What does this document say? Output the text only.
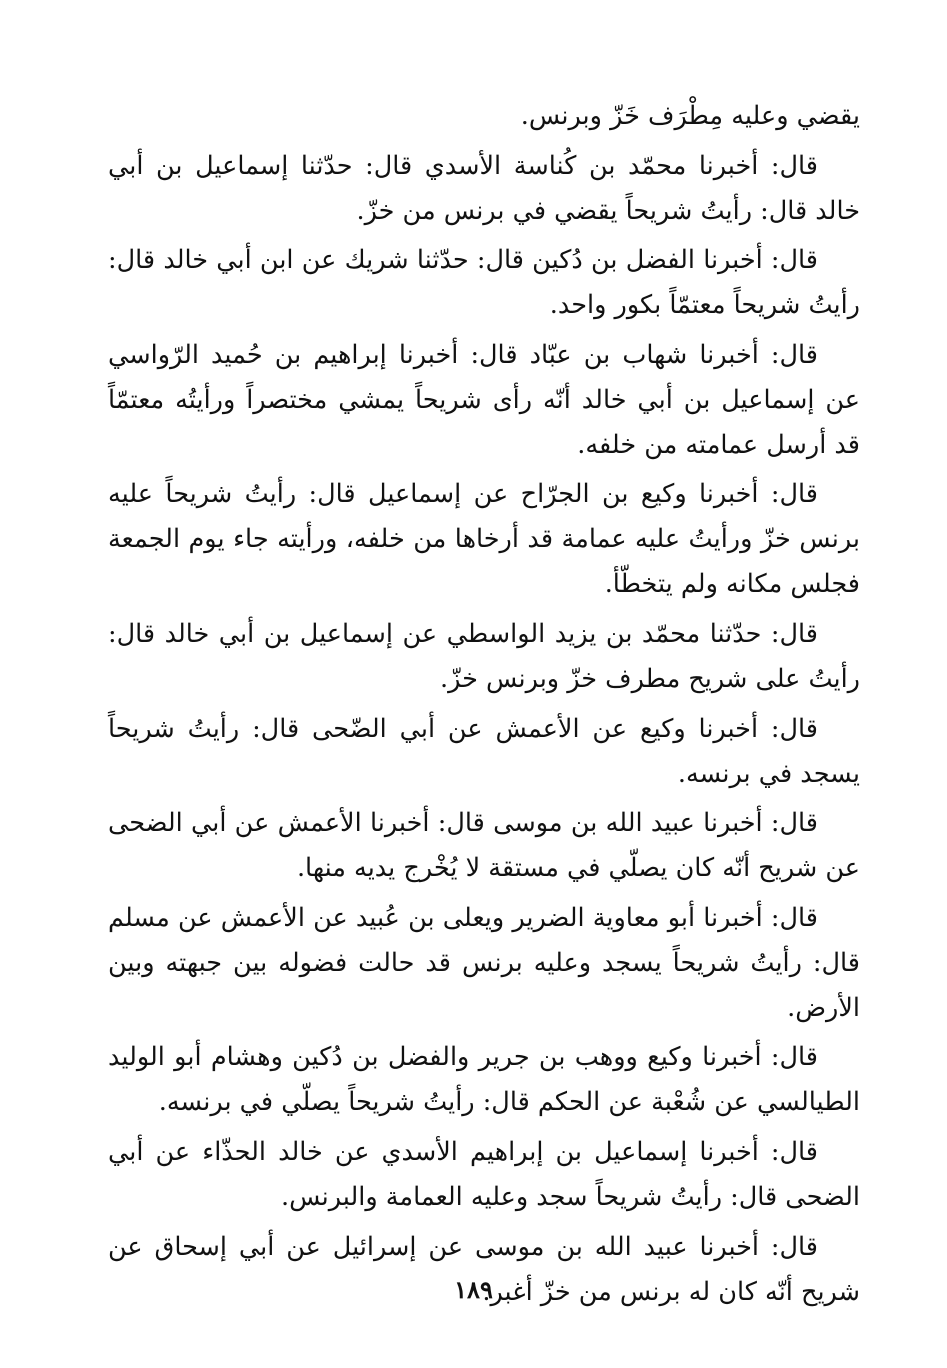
يقضي وعليه مِطْرَف خَزّ وبرنس.

قال: أخبرنا محمّد بن كُناسة الأسدي قال: حدّثنا إسماعيل بن أبي خالد قال: رأيتُ شريحاً يقضي في برنس من خزّ.

قال: أخبرنا الفضل بن دُكين قال: حدّثنا شريك عن ابن أبي خالد قال: رأيتُ شريحاً معتمّاً بكور واحد.

قال: أخبرنا شهاب بن عبّاد قال: أخبرنا إبراهيم بن حُميد الرّواسي عن إسماعيل بن أبي خالد أنّه رأى شريحاً يمشي مختصراً ورأيتُه معتمّاً قد أرسل عمامته من خلفه.

قال: أخبرنا وكيع بن الجرّاح عن إسماعيل قال: رأيتُ شريحاً عليه برنس خزّ ورأيتُ عليه عمامة قد أرخاها من خلفه، ورأيته جاء يوم الجمعة فجلس مكانه ولم يتخطّأ.

قال: حدّثنا محمّد بن يزيد الواسطي عن إسماعيل بن أبي خالد قال: رأيتُ على شريح مطرف خزّ وبرنس خزّ.

قال: أخبرنا وكيع عن الأعمش عن أبي الضّحى قال: رأيتُ شريحاً يسجد في برنسه.

قال: أخبرنا عبيد الله بن موسى قال: أخبرنا الأعمش عن أبي الضحى عن شريح أنّه كان يصلّي في مستقة لا يُخْرج يديه منها.

قال: أخبرنا أبو معاوية الضرير ويعلى بن عُبيد عن الأعمش عن مسلم قال: رأيتُ شريحاً يسجد وعليه برنس قد حالت فضوله بين جبهته وبين الأرض.

قال: أخبرنا وكيع ووهب بن جرير والفضل بن دُكين وهشام أبو الوليد الطيالسي عن شُعْبة عن الحكم قال: رأيتُ شريحاً يصلّي في برنسه.

قال: أخبرنا إسماعيل بن إبراهيم الأسدي عن خالد الحذّاء عن أبي الضحى قال: رأيتُ شريحاً سجد وعليه العمامة والبرنس.

قال: أخبرنا عبيد الله بن موسى عن إسرائيل عن أبي إسحاق عن شريح أنّه كان له برنس من خزّ أغبر.

١٨٩
